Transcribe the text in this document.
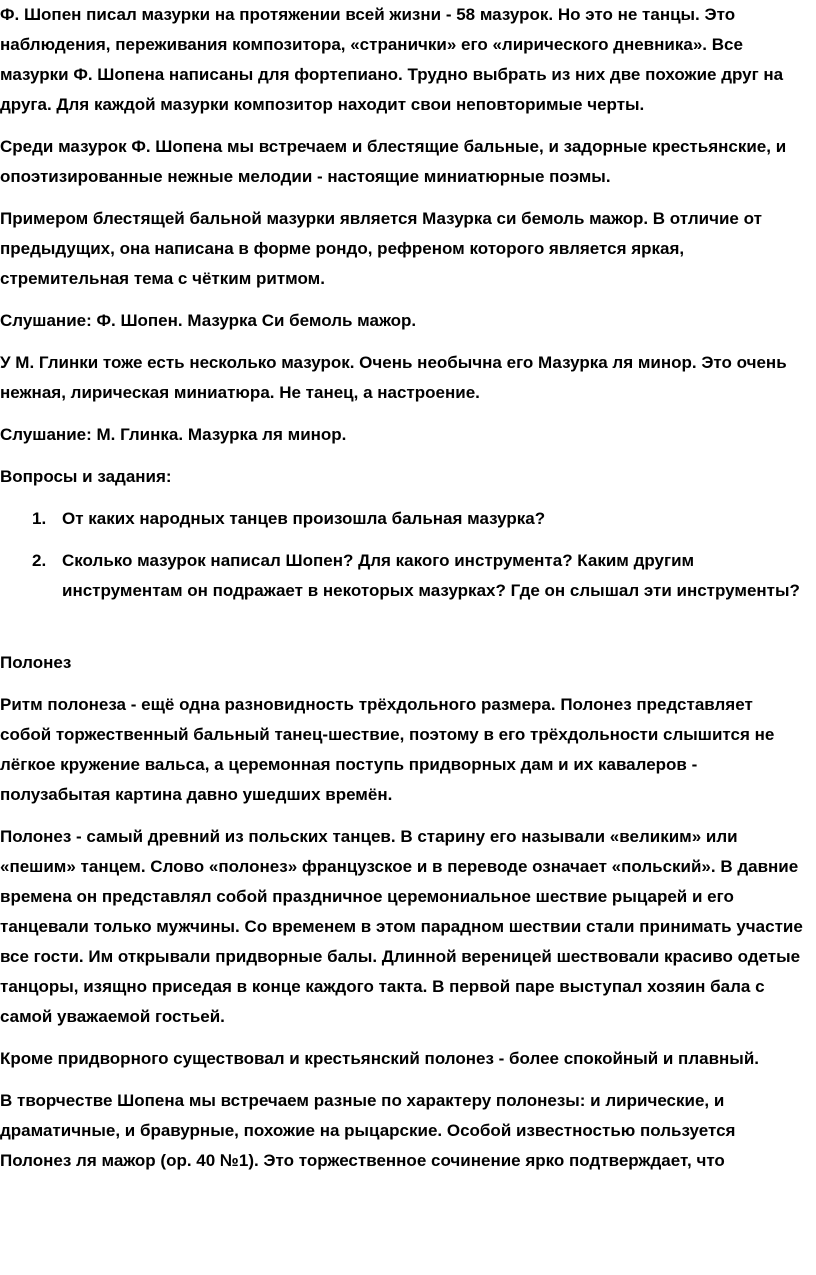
Ф. Шопен писал мазурки на протяжении всей жизни - 58 мазурок. Но это не танцы. Это наблюдения, переживания композитора, «странички» его «лирического дневника». Все мазурки Ф. Шопена написаны для фортепиано. Трудно выбрать из них две похожие друг на друга. Для каждой мазурки композитор находит свои неповторимые черты.

Среди мазурок Ф. Шопена мы встречаем и блестящие бальные, и задорные крестьянские, и опоэтизированные нежные мелодии - настоящие миниатюрные поэмы.

Примером блестящей бальной мазурки является Мазурка си бемоль мажор. В отличие от предыдущих, она написана в форме рондо, рефреном которого является яркая, стремительная тема с чётким ритмом.

Слушание: Ф. Шопен. Мазурка Си бемоль мажор.

У М. Глинки тоже есть несколько мазурок. Очень необычна его Мазурка ля минор. Это очень нежная, лирическая миниатюра. Не танец, а настроение.

Слушание: М. Глинка. Мазурка ля минор.

Вопросы и задания:

1. От каких народных танцев произошла бальная мазурка?
2. Сколько мазурок написал Шопен? Для какого инструмента? Каким другим инструментам он подражает в некоторых мазурках? Где он слышал эти инструменты?

Полонез

Ритм полонеза - ещё одна разновидность трёхдольного размера. Полонез представляет собой торжественный бальный танец-шествие, поэтому в его трёхдольности слышится не лёгкое кружение вальса, а церемонная поступь придворных дам и их кавалеров - полузабытая картина давно ушедших времён.

Полонез - самый древний из польских танцев. В старину его называли «великим» или «пешим» танцем. Слово «полонез» французское и в переводе означает «польский». В давние времена он представлял собой праздничное церемониальное шествие рыцарей и его танцевали только мужчины. Со временем в этом парадном шествии стали принимать участие все гости. Им открывали придворные балы. Длинной вереницей шествовали красиво одетые танцоры, изящно приседая в конце каждого такта. В первой паре выступал хозяин бала с самой уважаемой гостьей.

Кроме придворного существовал и крестьянский полонез - более спокойный и плавный.

В творчестве Шопена мы встречаем разные по характеру полонезы: и лирические, и драматичные, и бравурные, похожие на рыцарские. Особой известностью пользуется Полонез ля мажор (ор. 40 №1). Это торжественное сочинение ярко подтверждает, что
